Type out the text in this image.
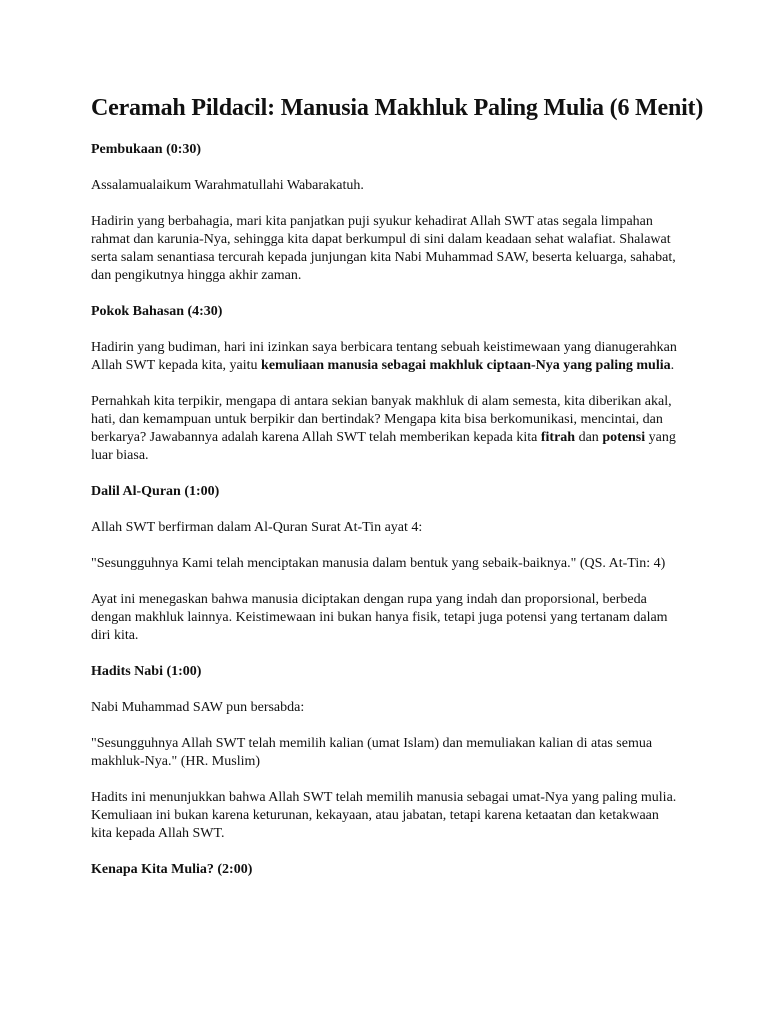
Ceramah Pildacil: Manusia Makhluk Paling Mulia (6 Menit)
Pembukaan (0:30)

Assalamualaikum Warahmatullahi Wabarakatuh.

Hadirin yang berbahagia, mari kita panjatkan puji syukur kehadirat Allah SWT atas segala limpahan rahmat dan karunia-Nya, sehingga kita dapat berkumpul di sini dalam keadaan sehat walafiat. Shalawat serta salam senantiasa tercurah kepada junjungan kita Nabi Muhammad SAW, beserta keluarga, sahabat, dan pengikutnya hingga akhir zaman.

Pokok Bahasan (4:30)

Hadirin yang budiman, hari ini izinkan saya berbicara tentang sebuah keistimewaan yang dianugerahkan Allah SWT kepada kita, yaitu kemuliaan manusia sebagai makhluk ciptaan-Nya yang paling mulia.

Pernahkah kita terpikir, mengapa di antara sekian banyak makhluk di alam semesta, kita diberikan akal, hati, dan kemampuan untuk berpikir dan bertindak? Mengapa kita bisa berkomunikasi, mencintai, dan berkarya? Jawabannya adalah karena Allah SWT telah memberikan kepada kita fitrah dan potensi yang luar biasa.

Dalil Al-Quran (1:00)

Allah SWT berfirman dalam Al-Quran Surat At-Tin ayat 4:

"Sesungguhnya Kami telah menciptakan manusia dalam bentuk yang sebaik-baiknya." (QS. At-Tin: 4)

Ayat ini menegaskan bahwa manusia diciptakan dengan rupa yang indah dan proporsional, berbeda dengan makhluk lainnya. Keistimewaan ini bukan hanya fisik, tetapi juga potensi yang tertanam dalam diri kita.

Hadits Nabi (1:00)

Nabi Muhammad SAW pun bersabda:

"Sesungguhnya Allah SWT telah memilih kalian (umat Islam) dan memuliakan kalian di atas semua makhluk-Nya." (HR. Muslim)

Hadits ini menunjukkan bahwa Allah SWT telah memilih manusia sebagai umat-Nya yang paling mulia. Kemuliaan ini bukan karena keturunan, kekayaan, atau jabatan, tetapi karena ketaatan dan ketakwaan kita kepada Allah SWT.

Kenapa Kita Mulia? (2:00)
